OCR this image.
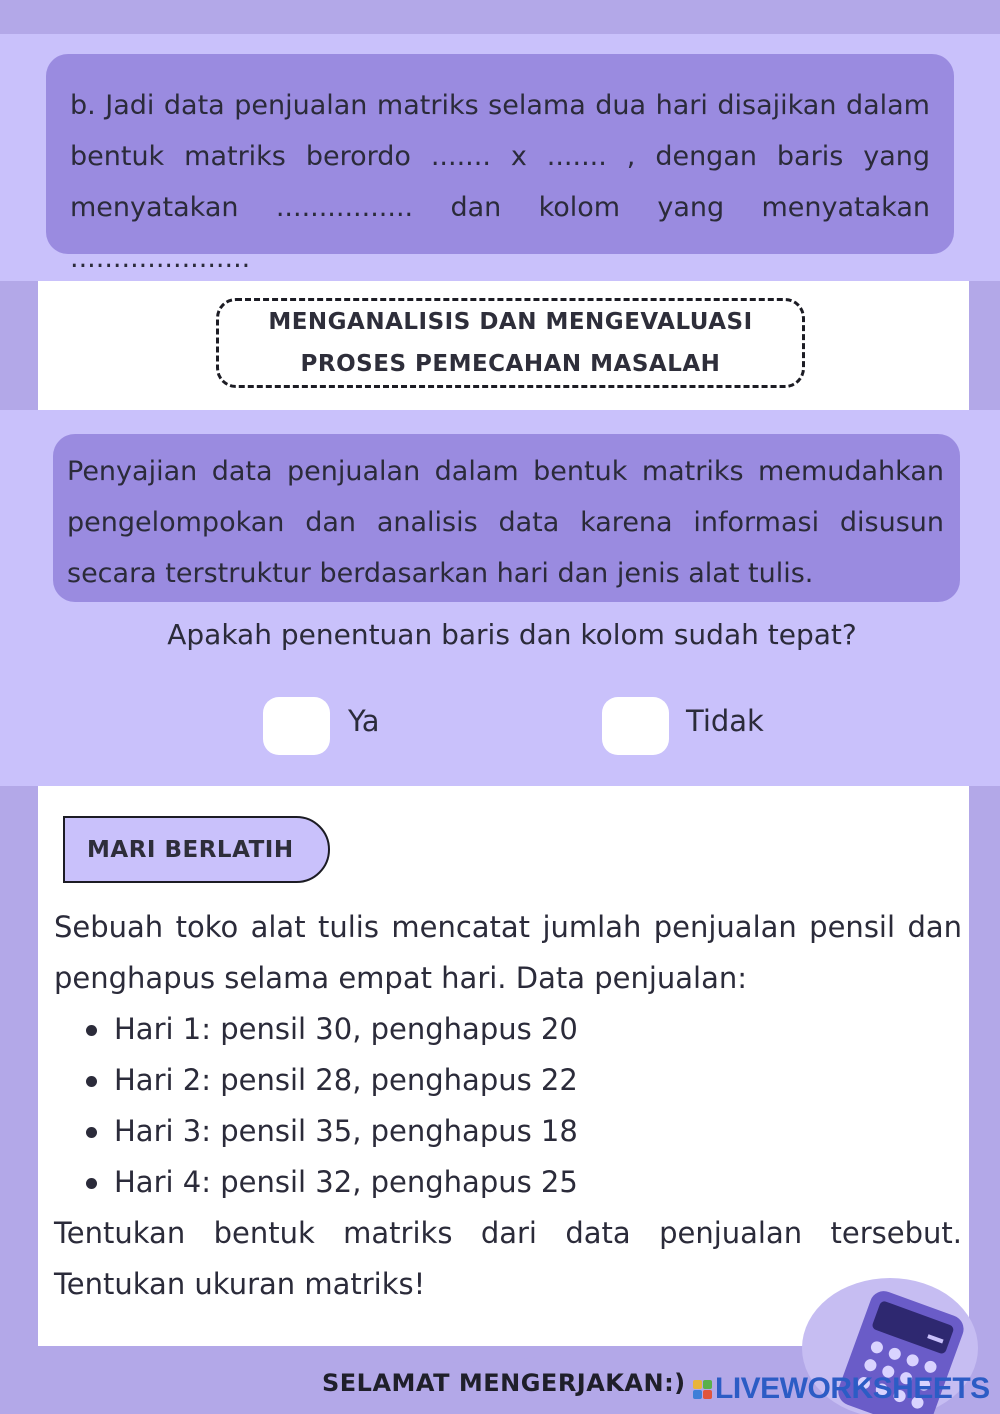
b. Jadi data penjualan matriks selama dua hari disajikan dalam bentuk matriks berordo ....... x ....... , dengan baris yang menyatakan ................ dan kolom yang menyatakan .....................

MENGANALISIS DAN MENGEVALUASI
PROSES PEMECAHAN MASALAH

Penyajian data penjualan dalam bentuk matriks memudahkan pengelompokan dan analisis data karena informasi disusun secara terstruktur berdasarkan hari dan jenis alat tulis.

Apakah penentuan baris dan kolom sudah tepat?
Ya	Tidak
MARI BERLATIH

Sebuah toko alat tulis mencatat jumlah penjualan pensil dan penghapus selama empat hari. Data penjualan:

Hari 1: pensil 30, penghapus 20
Hari 2: pensil 28, penghapus 22
Hari 3: pensil 35, penghapus 18
Hari 4: pensil 32, penghapus 25

Tentukan bentuk matriks dari data penjualan tersebut. Tentukan ukuran matriks!

SELAMAT MENGERJAKAN:) LIVEWORKSHEETS
